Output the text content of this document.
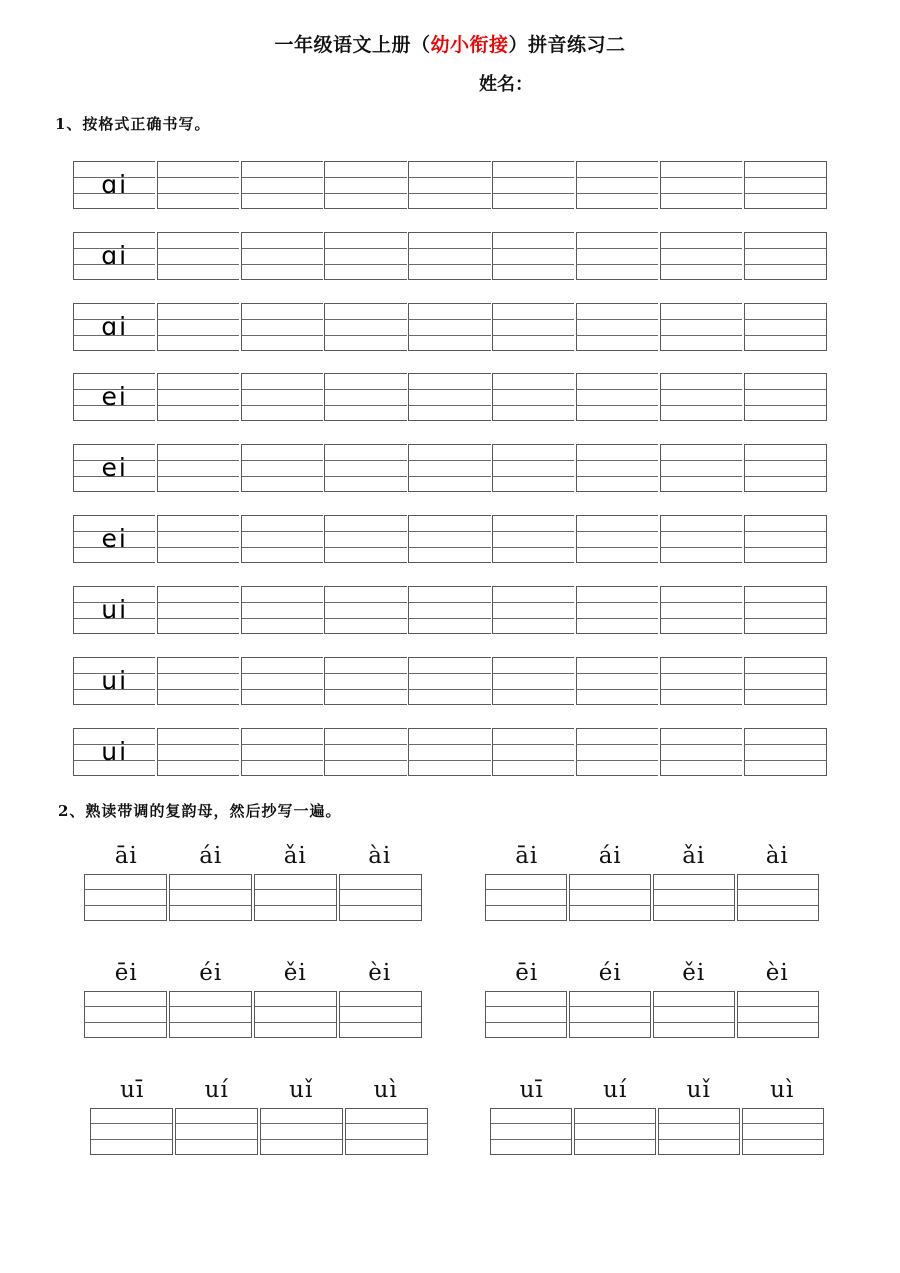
一年级语文上册（幼小衔接）拼音练习二
姓名：
1、按格式正确书写。
ɑi
ɑi
ɑi
ei
ei
ei
ui
ui
ui
2、熟读带调的复韵母，然后抄写一遍。
āi	ái	ǎi	ài	āi	ái	ǎi	ài
ēi	éi	ěi	èi	ēi	éi	ěi	èi
uī	uí	uǐ	uì	uī	uí	uǐ	uì
